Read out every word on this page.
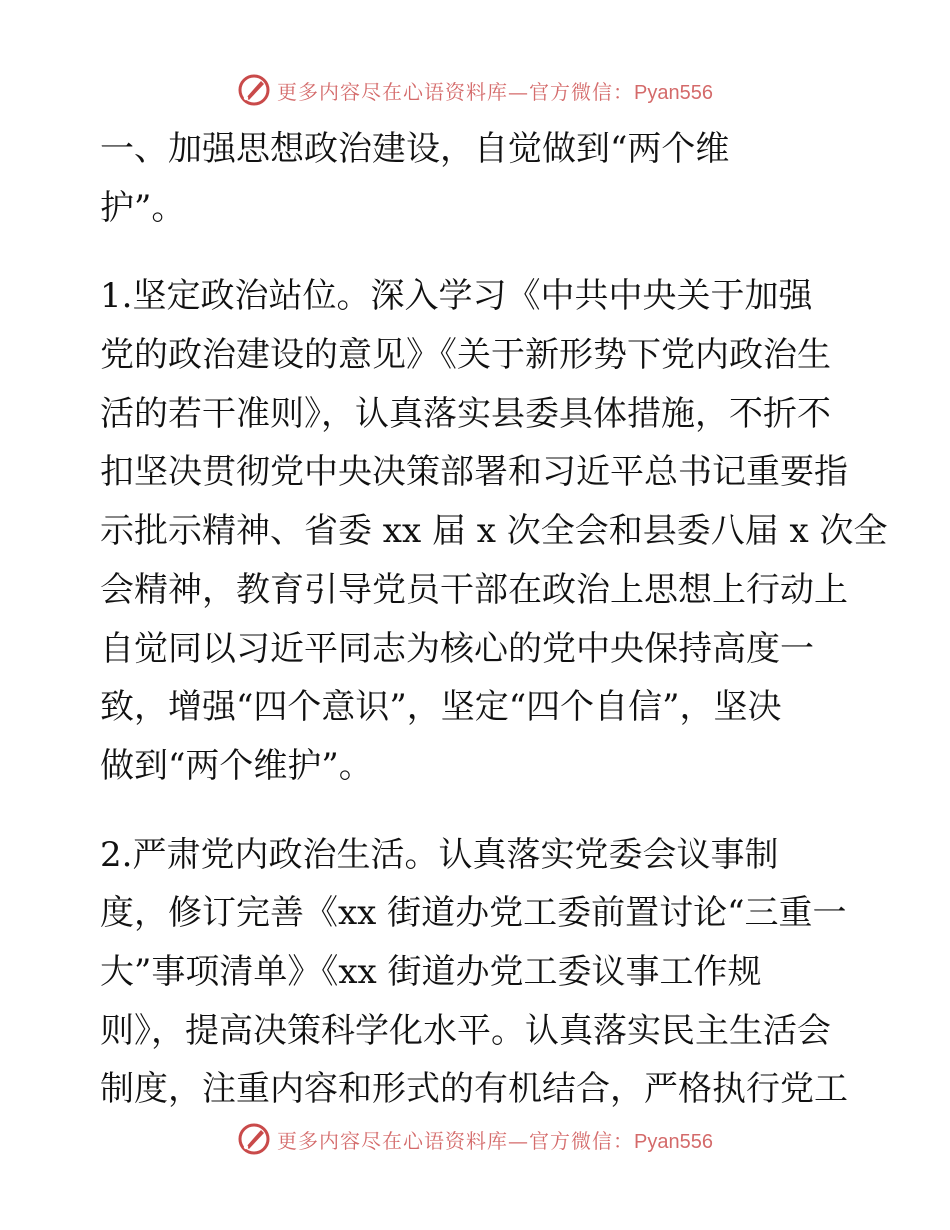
更多内容尽在心语资料库—官方微信：Pyan556
一、加强思想政治建设，自觉做到“两个维
护”。
1.坚定政治站位。深入学习《中共中央关于加强
党的政治建设的意见》《关于新形势下党内政治生
活的若干准则》，认真落实县委具体措施，不折不
扣坚决贯彻党中央决策部署和习近平总书记重要指
示批示精神、省委 xx 届 x 次全会和县委八届 x 次全
会精神，教育引导党员干部在政治上思想上行动上
自觉同以习近平同志为核心的党中央保持高度一
致，增强“四个意识”，坚定“四个自信”，坚决
做到“两个维护”。
2.严肃党内政治生活。认真落实党委会议事制
度，修订完善《xx 街道办党工委前置讨论“三重一
大”事项清单》《xx 街道办党工委议事工作规
则》，提高决策科学化水平。认真落实民主生活会
制度，注重内容和形式的有机结合，严格执行党工
更多内容尽在心语资料库—官方微信：Pyan556
